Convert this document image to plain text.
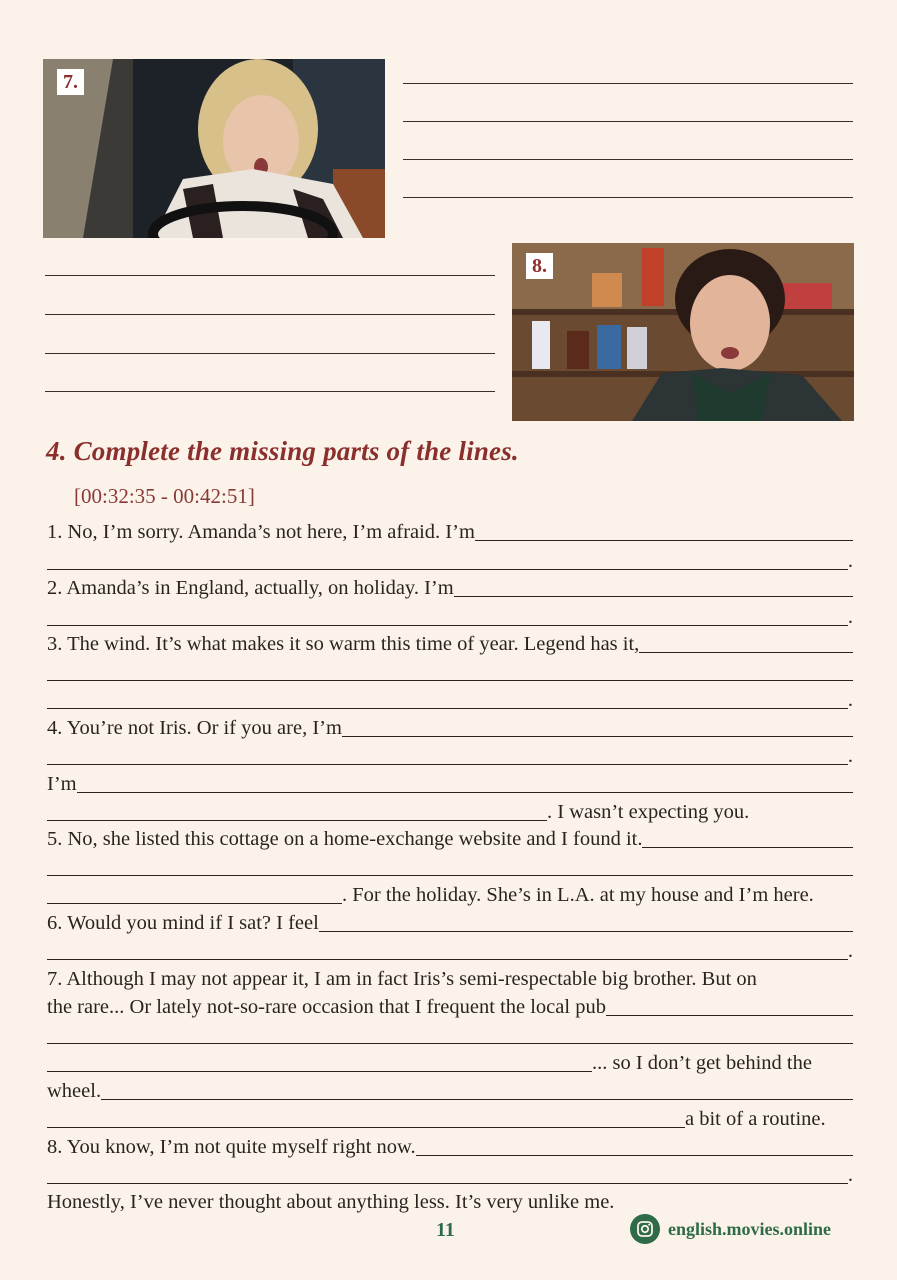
7.
8.
4. Complete the missing parts of the lines.
[00:32:35 - 00:42:51]
1. No, I’m sorry. Amanda’s not here, I’m afraid. I’m
.
2. Amanda’s in England, actually, on holiday. I’m
.
3. The wind. It’s what makes it so warm this time of year. Legend has it,
.
4. You’re not Iris. Or if you are, I’m
.
I’m
. I wasn’t expecting you.
5. No, she listed this cottage on a home-exchange website and I found it.
. For the holiday. She’s in L.A. at my house and I’m here.
6. Would you mind if I sat? I feel
.
7. Although I may not appear it, I am in fact Iris’s semi-respectable big brother. But on
the rare... Or lately not-so-rare occasion that I frequent the local pub
... so I don’t get behind the
wheel.
a bit of a routine.
8. You know, I’m not quite myself right now.
.
Honestly, I’ve never thought about anything less. It’s very unlike me.
11	english.movies.online
